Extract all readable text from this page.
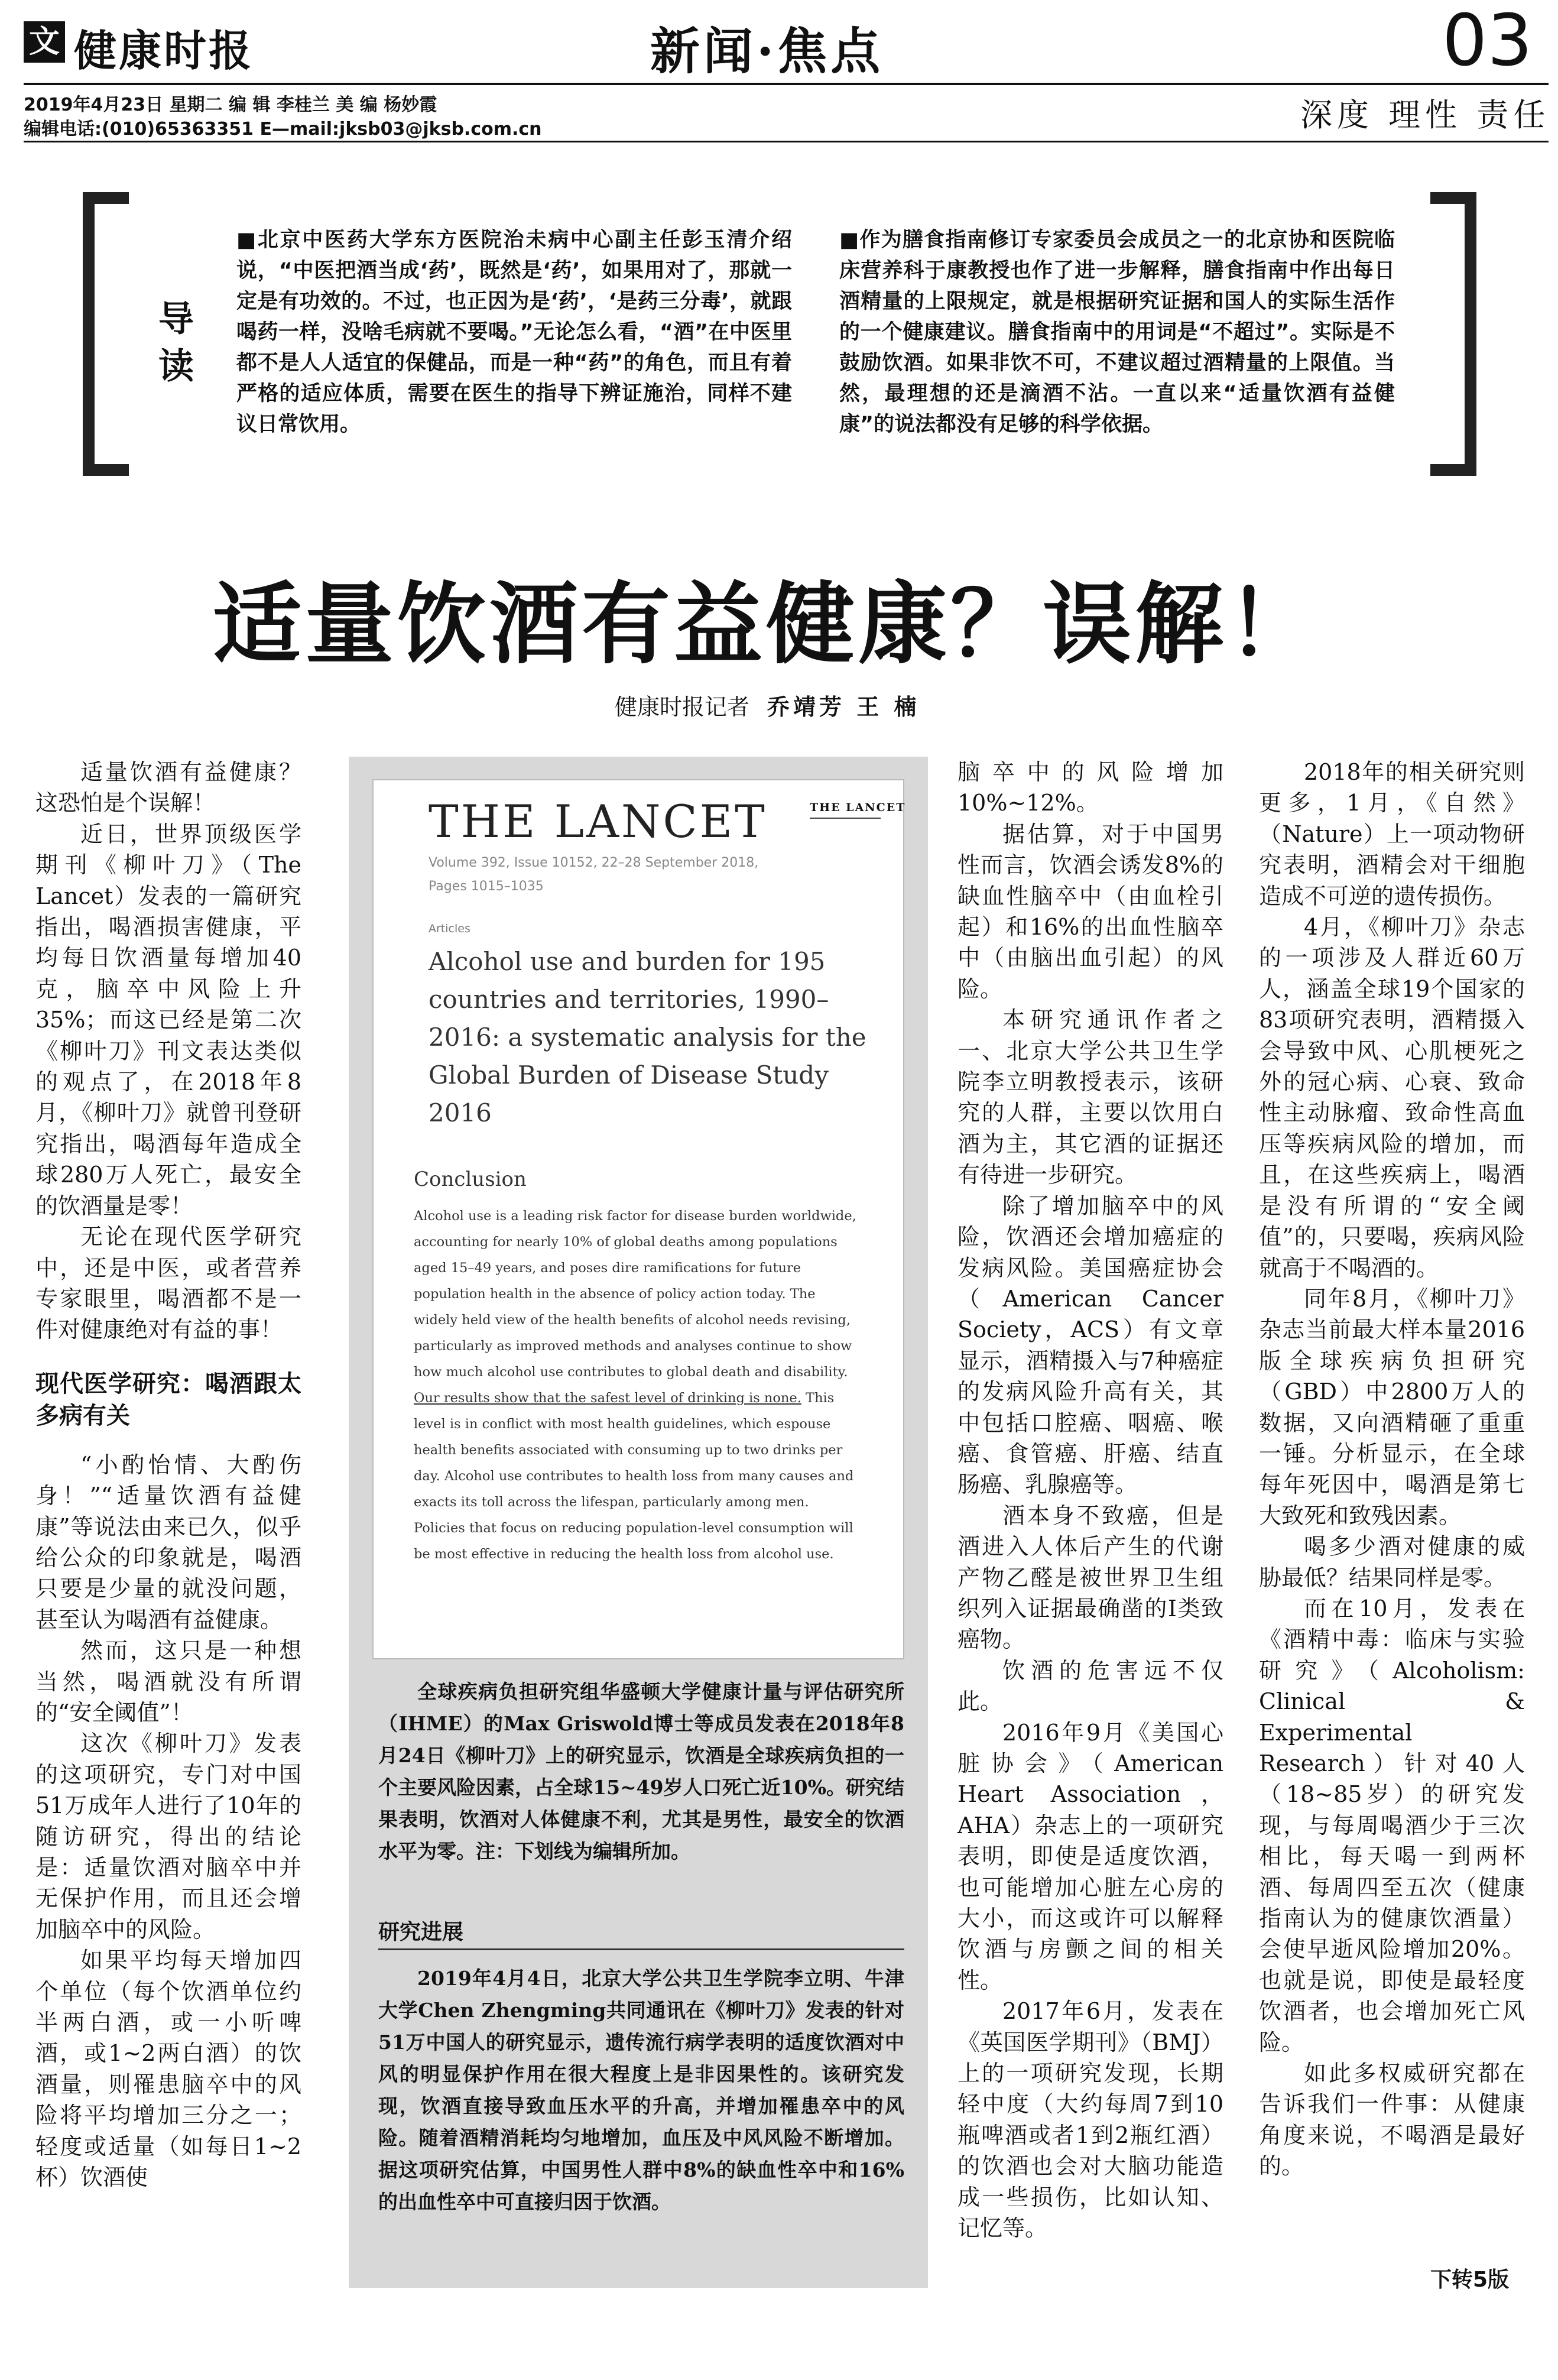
文 健康时报	新闻·焦点	03
2019年4月23日 星期二 编 辑 李桂兰 美 编 杨妙霞
编辑电话:(010)65363351 E—mail:jksb03@jksb.com.cn	深度 理性 责任
导读
■北京中医药大学东方医院治未病中心副主任彭玉清介绍说，“中医把酒当成‘药’，既然是‘药’，如果用对了，那就一定是有功效的。不过，也正因为是‘药’，‘是药三分毒’，就跟喝药一样，没啥毛病就不要喝。”无论怎么看，“酒”在中医里都不是人人适宜的保健品，而是一种“药”的角色，而且有着严格的适应体质，需要在医生的指导下辨证施治，同样不建议日常饮用。
■作为膳食指南修订专家委员会成员之一的北京协和医院临床营养科于康教授也作了进一步解释，膳食指南中作出每日酒精量的上限规定，就是根据研究证据和国人的实际生活作的一个健康建议。膳食指南中的用词是“不超过”。实际是不鼓励饮酒。如果非饮不可，不建议超过酒精量的上限值。当然，最理想的还是滴酒不沾。一直以来“适量饮酒有益健康”的说法都没有足够的科学依据。
适量饮酒有益健康？误解！
健康时报记者 乔靖芳 王 楠

适量饮酒有益健康？这恐怕是个误解！

近日，世界顶级医学期刊《柳叶刀》（The Lancet）发表的一篇研究指出，喝酒损害健康，平均每日饮酒量每增加40克，脑卒中风险上升35%；而这已经是第二次《柳叶刀》刊文表达类似的观点了，在2018年8月，《柳叶刀》就曾刊登研究指出，喝酒每年造成全球280万人死亡，最安全的饮酒量是零！

无论在现代医学研究中，还是中医，或者营养专家眼里，喝酒都不是一件对健康绝对有益的事！

现代医学研究：喝酒跟太多病有关

“小酌怡情、大酌伤身！”“适量饮酒有益健康”等说法由来已久，似乎给公众的印象就是，喝酒只要是少量的就没问题，甚至认为喝酒有益健康。

然而，这只是一种想当然，喝酒就没有所谓的“安全阈值”！

这次《柳叶刀》发表的这项研究，专门对中国51万成年人进行了10年的随访研究，得出的结论是：适量饮酒对脑卒中并无保护作用，而且还会增加脑卒中的风险。

如果平均每天增加四个单位（每个饮酒单位约半两白酒，或一小听啤酒，或1~2两白酒）的饮酒量，则罹患脑卒中的风险将平均增加三分之一；轻度或适量（如每日1~2杯）饮酒使

THE LANCET	THE LANCET
Volume 392, Issue 10152, 22–28 September 2018, Pages 1015–1035
Articles
Alcohol use and burden for 195 countries and territories, 1990–2016: a systematic analysis for the Global Burden of Disease Study 2016
Conclusion
Alcohol use is a leading risk factor for disease burden worldwide, accounting for nearly 10% of global deaths among populations aged 15–49 years, and poses dire ramifications for future population health in the absence of policy action today. The widely held view of the health benefits of alcohol needs revising, particularly as improved methods and analyses continue to show how much alcohol use contributes to global death and disability. Our results show that the safest level of drinking is none. This level is in conflict with most health guidelines, which espouse health benefits associated with consuming up to two drinks per day. Alcohol use contributes to health loss from many causes and exacts its toll across the lifespan, particularly among men. Policies that focus on reducing population-level consumption will be most effective in reducing the health loss from alcohol use.
全球疾病负担研究组华盛顿大学健康计量与评估研究所（IHME）的Max Griswold博士等成员发表在2018年8月24日《柳叶刀》上的研究显示，饮酒是全球疾病负担的一个主要风险因素，占全球15~49岁人口死亡近10%。研究结果表明，饮酒对人体健康不利，尤其是男性，最安全的饮酒水平为零。注：下划线为编辑所加。
研究进展
2019年4月4日，北京大学公共卫生学院李立明、牛津大学Chen Zhengming共同通讯在《柳叶刀》发表的针对51万中国人的研究显示，遗传流行病学表明的适度饮酒对中风的明显保护作用在很大程度上是非因果性的。该研究发现，饮酒直接导致血压水平的升高，并增加罹患卒中的风险。随着酒精消耗均匀地增加，血压及中风风险不断增加。据这项研究估算，中国男性人群中8%的缺血性卒中和16%的出血性卒中可直接归因于饮酒。

脑卒中的风险增加10%~12%。

据估算，对于中国男性而言，饮酒会诱发8%的缺血性脑卒中（由血栓引起）和16%的出血性脑卒中（由脑出血引起）的风险。

本研究通讯作者之一、北京大学公共卫生学院李立明教授表示，该研究的人群，主要以饮用白酒为主，其它酒的证据还有待进一步研究。

除了增加脑卒中的风险，饮酒还会增加癌症的发病风险。美国癌症协会（American Cancer Society，ACS）有文章显示，酒精摄入与7种癌症的发病风险升高有关，其中包括口腔癌、咽癌、喉癌、食管癌、肝癌、结直肠癌、乳腺癌等。

酒本身不致癌，但是酒进入人体后产生的代谢产物乙醛是被世界卫生组织列入证据最确凿的I类致癌物。

饮酒的危害远不仅此。

2016年9月《美国心脏协会》（American Heart Association，AHA）杂志上的一项研究表明，即使是适度饮酒，也可能增加心脏左心房的大小，而这或许可以解释饮酒与房颤之间的相关性。

2017年6月，发表在《英国医学期刊》（BMJ）上的一项研究发现，长期轻中度（大约每周7到10瓶啤酒或者1到2瓶红酒）的饮酒也会对大脑功能造成一些损伤，比如认知、记忆等。

2018年的相关研究则更多，1月，《自然》（Nature）上一项动物研究表明，酒精会对干细胞造成不可逆的遗传损伤。

4月，《柳叶刀》杂志的一项涉及人群近60万人，涵盖全球19个国家的83项研究表明，酒精摄入会导致中风、心肌梗死之外的冠心病、心衰、致命性主动脉瘤、致命性高血压等疾病风险的增加，而且，在这些疾病上，喝酒是没有所谓的“安全阈值”的，只要喝，疾病风险就高于不喝酒的。

同年8月，《柳叶刀》杂志当前最大样本量2016版全球疾病负担研究（GBD）中2800万人的数据，又向酒精砸了重重一锤。分析显示，在全球每年死因中，喝酒是第七大致死和致残因素。

喝多少酒对健康的威胁最低？结果同样是零。

而在10月，发表在《酒精中毒：临床与实验研究》（Alcoholism: Clinical & Experimental Research）针对40人（18~85岁）的研究发现，与每周喝酒少于三次相比，每天喝一到两杯酒、每周四至五次（健康指南认为的健康饮酒量）会使早逝风险增加20%。也就是说，即使是最轻度饮酒者，也会增加死亡风险。

如此多权威研究都在告诉我们一件事：从健康角度来说，不喝酒是最好的。

下转5版
